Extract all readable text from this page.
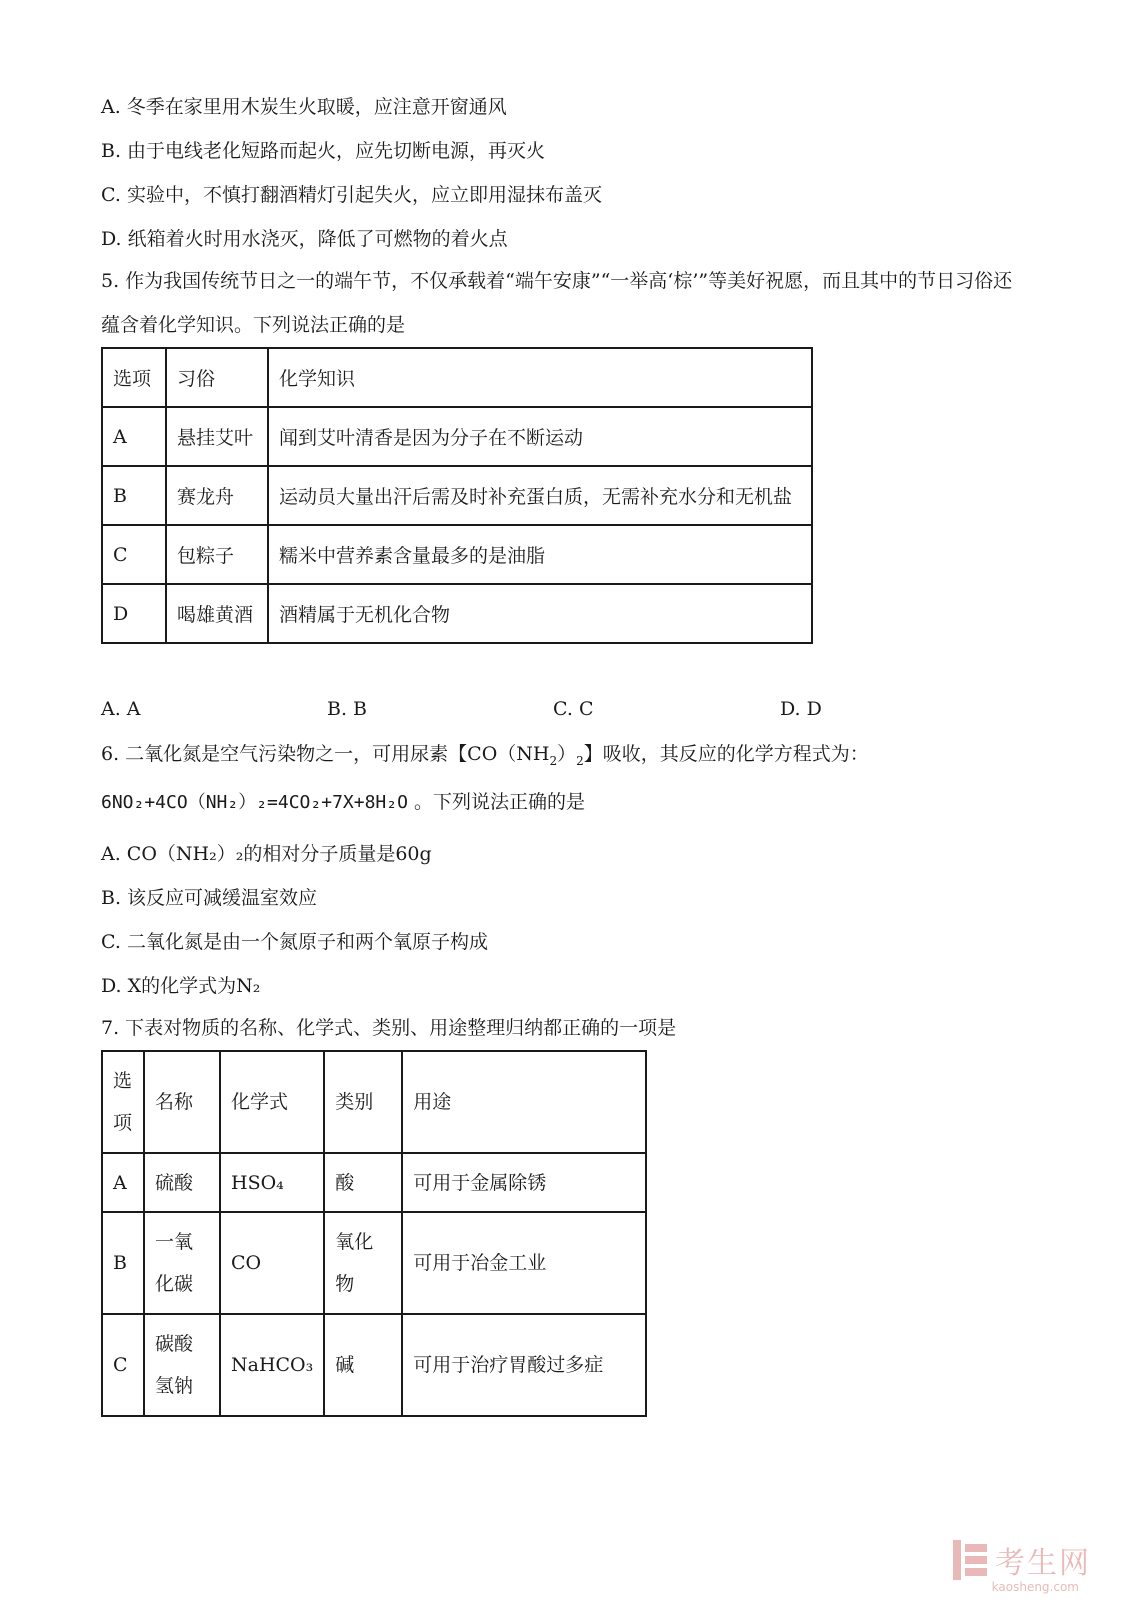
A. 冬季在家里用木炭生火取暖，应注意开窗通风
B. 由于电线老化短路而起火，应先切断电源，再灭火
C. 实验中，不慎打翻酒精灯引起失火，应立即用湿抹布盖灭
D. 纸箱着火时用水浇灭，降低了可燃物的着火点
5. 作为我国传统节日之一的端午节，不仅承载着“端午安康”“一举高‘棕’”等美好祝愿，而且其中的节日习俗还蕴含着化学知识。下列说法正确的是
选项	习俗	化学知识
A	悬挂艾叶	闻到艾叶清香是因为分子在不断运动
B	赛龙舟	运动员大量出汗后需及时补充蛋白质，无需补充水分和无机盐
C	包粽子	糯米中营养素含量最多的是油脂
D	喝雄黄酒	酒精属于无机化合物
A. A	B. B	C. C	D. D
6. 二氧化氮是空气污染物之一，可用尿素【$CO(NH_2)_2$】吸收，其反应的化学方程式为：
6NO₂+4CO（NH₂）₂=4CO₂+7X+8H₂O 。下列说法正确的是
A. CO（NH₂）₂的相对分子质量是60g
B. 该反应可减缓温室效应
C. 二氧化氮是由一个氮原子和两个氧原子构成
D. X的化学式为N₂
7. 下表对物质的名称、化学式、类别、用途整理归纳都正确的一项是
选项	名称	化学式	类别	用途
A	硫酸	HSO₄	酸	可用于金属除锈
B	一氧化碳	CO	氧化物	可用于冶金工业
C	碳酸氢钠	NaHCO₃	碱	可用于治疗胃酸过多症
考生网
kaosheng.com
